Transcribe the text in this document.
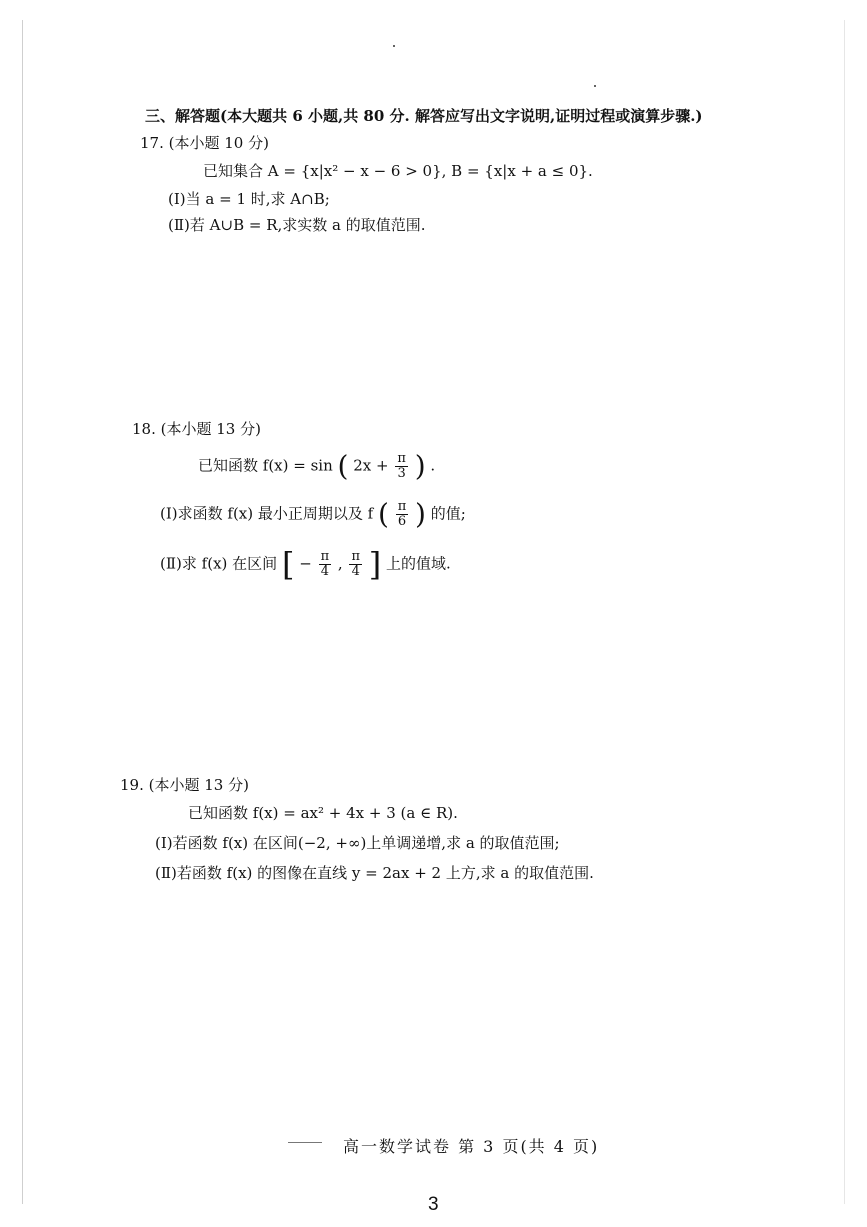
三、解答题(本大题共 6 小题,共 80 分. 解答应写出文字说明,证明过程或演算步骤.)
17. (本小题 10 分)
已知集合 A = {x|x² − x − 6 > 0}, B = {x|x + a ≤ 0}.
(Ⅰ)当 a = 1 时,求 A∩B;
(Ⅱ)若 A∪B = R,求实数 a 的取值范围.
18. (本小题 13 分)
已知函数 f(x) = sin ( $2x + \frac{\pi}{3}$ ) .
(Ⅰ)求函数 f(x) 最小正周期以及 f ( $\frac{\pi}{6}$ ) 的值;
(Ⅱ)求 f(x) 在区间 [ − $\frac{\pi}{4}$ , $\frac{\pi}{4}$ ] 上的值域.
19. (本小题 13 分)
已知函数 f(x) = ax² + 4x + 3 (a ∈ R).
(Ⅰ)若函数 f(x) 在区间(−2, +∞)上单调递增,求 a 的取值范围;
(Ⅱ)若函数 f(x) 的图像在直线 y = 2ax + 2 上方,求 a 的取值范围.
高一数学试卷 第 3 页(共 4 页)
3
